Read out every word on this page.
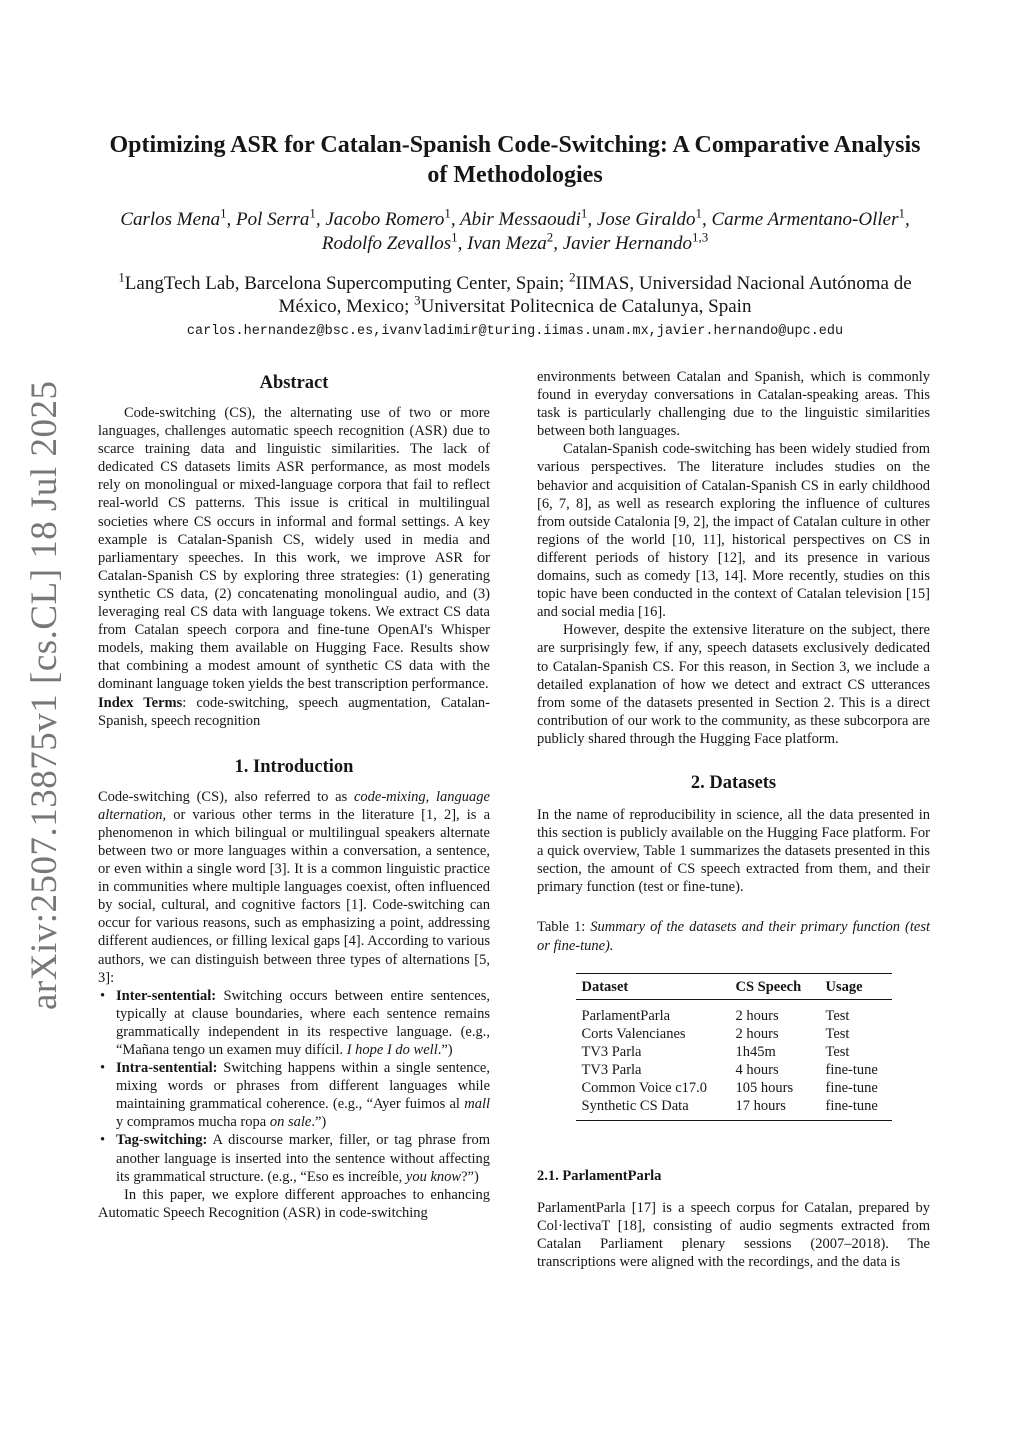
arXiv:2507.13875v1 [cs.CL] 18 Jul 2025
Optimizing ASR for Catalan-Spanish Code-Switching: A Comparative Analysis of Methodologies
Carlos Mena$^1$, Pol Serra$^1$, Jacobo Romero$^1$, Abir Messaoudi$^1$, Jose Giraldo$^1$, Carme Armentano-Oller$^1$, Rodolfo Zevallos$^1$, Ivan Meza$^2$, Javier Hernando$^{1,3}$
$^1$LangTech Lab, Barcelona Supercomputing Center, Spain; $^2$IIMAS, Universidad Nacional Autónoma de México, Mexico; $^3$Universitat Politecnica de Catalunya, Spain
carlos.hernandez@bsc.es,ivanvladimir@turing.iimas.unam.mx,javier.hernando@upc.edu
Abstract

Code-switching (CS), the alternating use of two or more languages, challenges automatic speech recognition (ASR) due to scarce training data and linguistic similarities. The lack of dedicated CS datasets limits ASR performance, as most models rely on monolingual or mixed-language corpora that fail to reflect real-world CS patterns. This issue is critical in multilingual societies where CS occurs in informal and formal settings. A key example is Catalan-Spanish CS, widely used in media and parliamentary speeches. In this work, we improve ASR for Catalan-Spanish CS by exploring three strategies: (1) generating synthetic CS data, (2) concatenating monolingual audio, and (3) leveraging real CS data with language tokens. We extract CS data from Catalan speech corpora and fine-tune OpenAI's Whisper models, making them available on Hugging Face. Results show that combining a modest amount of synthetic CS data with the dominant language token yields the best transcription performance.

Index Terms: code-switching, speech augmentation, Catalan-Spanish, speech recognition

1. Introduction

Code-switching (CS), also referred to as code-mixing, language alternation, or various other terms in the literature [1, 2], is a phenomenon in which bilingual or multilingual speakers alternate between two or more languages within a conversation, a sentence, or even within a single word [3]. It is a common linguistic practice in communities where multiple languages coexist, often influenced by social, cultural, and cognitive factors [1]. Code-switching can occur for various reasons, such as emphasizing a point, addressing different audiences, or filling lexical gaps [4]. According to various authors, we can distinguish between three types of alternations [5, 3]:

• Inter-sentential: Switching occurs between entire sentences, typically at clause boundaries, where each sentence remains grammatically independent in its respective language. (e.g., “Mañana tengo un examen muy difícil. I hope I do well.”)
• Intra-sentential: Switching happens within a single sentence, mixing words or phrases from different languages while maintaining grammatical coherence. (e.g., “Ayer fuimos al mall y compramos mucha ropa on sale.”)
• Tag-switching: A discourse marker, filler, or tag phrase from another language is inserted into the sentence without affecting its grammatical structure. (e.g., “Eso es increíble, you know?”)

In this paper, we explore different approaches to enhancing Automatic Speech Recognition (ASR) in code-switching

environments between Catalan and Spanish, which is commonly found in everyday conversations in Catalan-speaking areas. This task is particularly challenging due to the linguistic similarities between both languages.

Catalan-Spanish code-switching has been widely studied from various perspectives. The literature includes studies on the behavior and acquisition of Catalan-Spanish CS in early childhood [6, 7, 8], as well as research exploring the influence of cultures from outside Catalonia [9, 2], the impact of Catalan culture in other regions of the world [10, 11], historical perspectives on CS in different periods of history [12], and its presence in various domains, such as comedy [13, 14]. More recently, studies on this topic have been conducted in the context of Catalan television [15] and social media [16].

However, despite the extensive literature on the subject, there are surprisingly few, if any, speech datasets exclusively dedicated to Catalan-Spanish CS. For this reason, in Section 3, we include a detailed explanation of how we detect and extract CS utterances from some of the datasets presented in Section 2. This is a direct contribution of our work to the community, as these subcorpora are publicly shared through the Hugging Face platform.

2. Datasets

In the name of reproducibility in science, all the data presented in this section is publicly available on the Hugging Face platform. For a quick overview, Table 1 summarizes the datasets presented in this section, the amount of CS speech extracted from them, and their primary function (test or fine-tune).

Table 1: Summary of the datasets and their primary function (test or fine-tune).

Dataset	CS Speech	Usage
ParlamentParla	2 hours	Test
Corts Valencianes	2 hours	Test
TV3 Parla	1h45m	Test
TV3 Parla	4 hours	fine-tune
Common Voice c17.0	105 hours	fine-tune
Synthetic CS Data	17 hours	fine-tune
2.1. ParlamentParla

ParlamentParla [17] is a speech corpus for Catalan, prepared by Col·lectivaT [18], consisting of audio segments extracted from Catalan Parliament plenary sessions (2007–2018). The transcriptions were aligned with the recordings, and the data is
